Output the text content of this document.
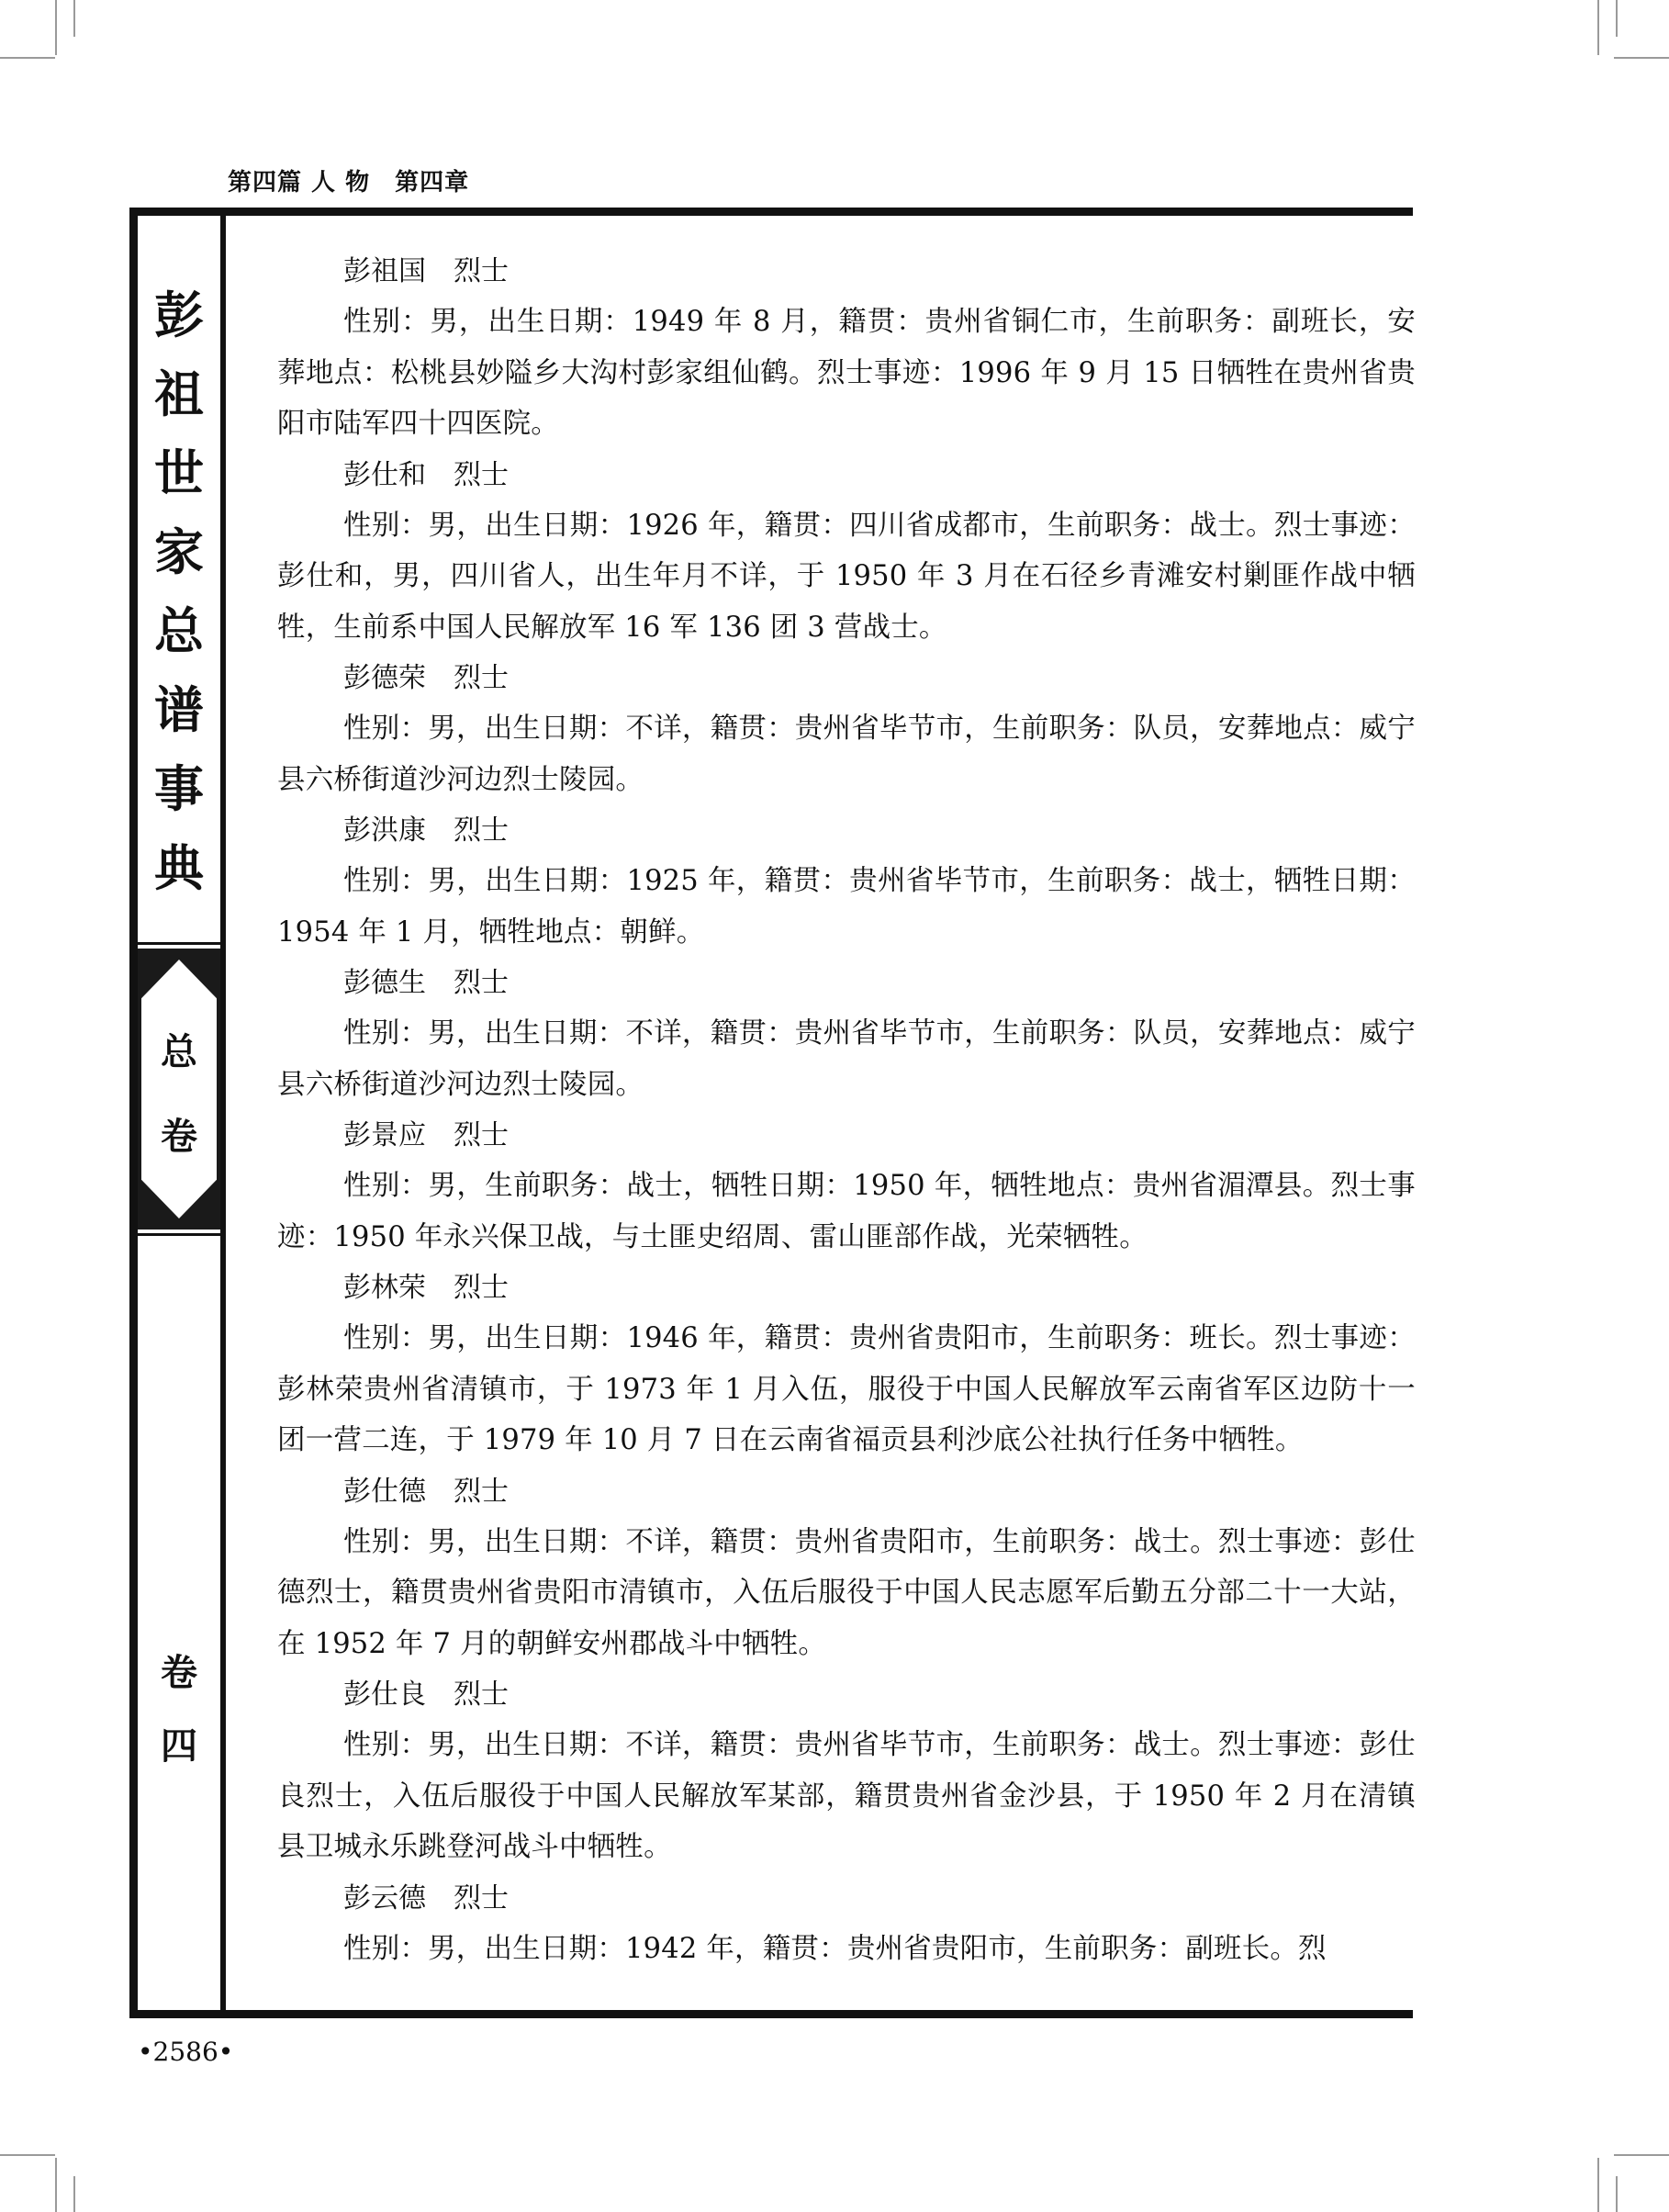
第四篇 人 物　第四章
彭
祖
世
家
总
谱
事
典
总
卷
卷
四

彭祖国 烈士

性别：男，出生日期：1949 年 8 月，籍贯：贵州省铜仁市，生前职务：副班长，安葬地点：松桃县妙隘乡大沟村彭家组仙鹤。烈士事迹：1996 年 9 月 15 日牺牲在贵州省贵阳市陆军四十四医院。

彭仕和 烈士

性别：男，出生日期：1926 年，籍贯：四川省成都市，生前职务：战士。烈士事迹：彭仕和，男，四川省人，出生年月不详，于 1950 年 3 月在石径乡青滩安村剿匪作战中牺牲，生前系中国人民解放军 16 军 136 团 3 营战士。

彭德荣 烈士

性别：男，出生日期：不详，籍贯：贵州省毕节市，生前职务：队员，安葬地点：威宁县六桥街道沙河边烈士陵园。

彭洪康 烈士

性别：男，出生日期：1925 年，籍贯：贵州省毕节市，生前职务：战士，牺牲日期：1954 年 1 月，牺牲地点：朝鲜。

彭德生 烈士

性别：男，出生日期：不详，籍贯：贵州省毕节市，生前职务：队员，安葬地点：威宁县六桥街道沙河边烈士陵园。

彭景应 烈士

性别：男，生前职务：战士，牺牲日期：1950 年，牺牲地点：贵州省湄潭县。烈士事迹：1950 年永兴保卫战，与土匪史绍周、雷山匪部作战，光荣牺牲。

彭林荣 烈士

性别：男，出生日期：1946 年，籍贯：贵州省贵阳市，生前职务：班长。烈士事迹：彭林荣贵州省清镇市，于 1973 年 1 月入伍，服役于中国人民解放军云南省军区边防十一团一营二连，于 1979 年 10 月 7 日在云南省福贡县利沙底公社执行任务中牺牲。

彭仕德 烈士

性别：男，出生日期：不详，籍贯：贵州省贵阳市，生前职务：战士。烈士事迹：彭仕德烈士，籍贯贵州省贵阳市清镇市，入伍后服役于中国人民志愿军后勤五分部二十一大站，在 1952 年 7 月的朝鲜安州郡战斗中牺牲。

彭仕良 烈士

性别：男，出生日期：不详，籍贯：贵州省毕节市，生前职务：战士。烈士事迹：彭仕良烈士，入伍后服役于中国人民解放军某部，籍贯贵州省金沙县，于 1950 年 2 月在清镇县卫城永乐跳登河战斗中牺牲。

彭云德 烈士

性别：男，出生日期：1942 年，籍贯：贵州省贵阳市，生前职务：副班长。烈

•2586•
